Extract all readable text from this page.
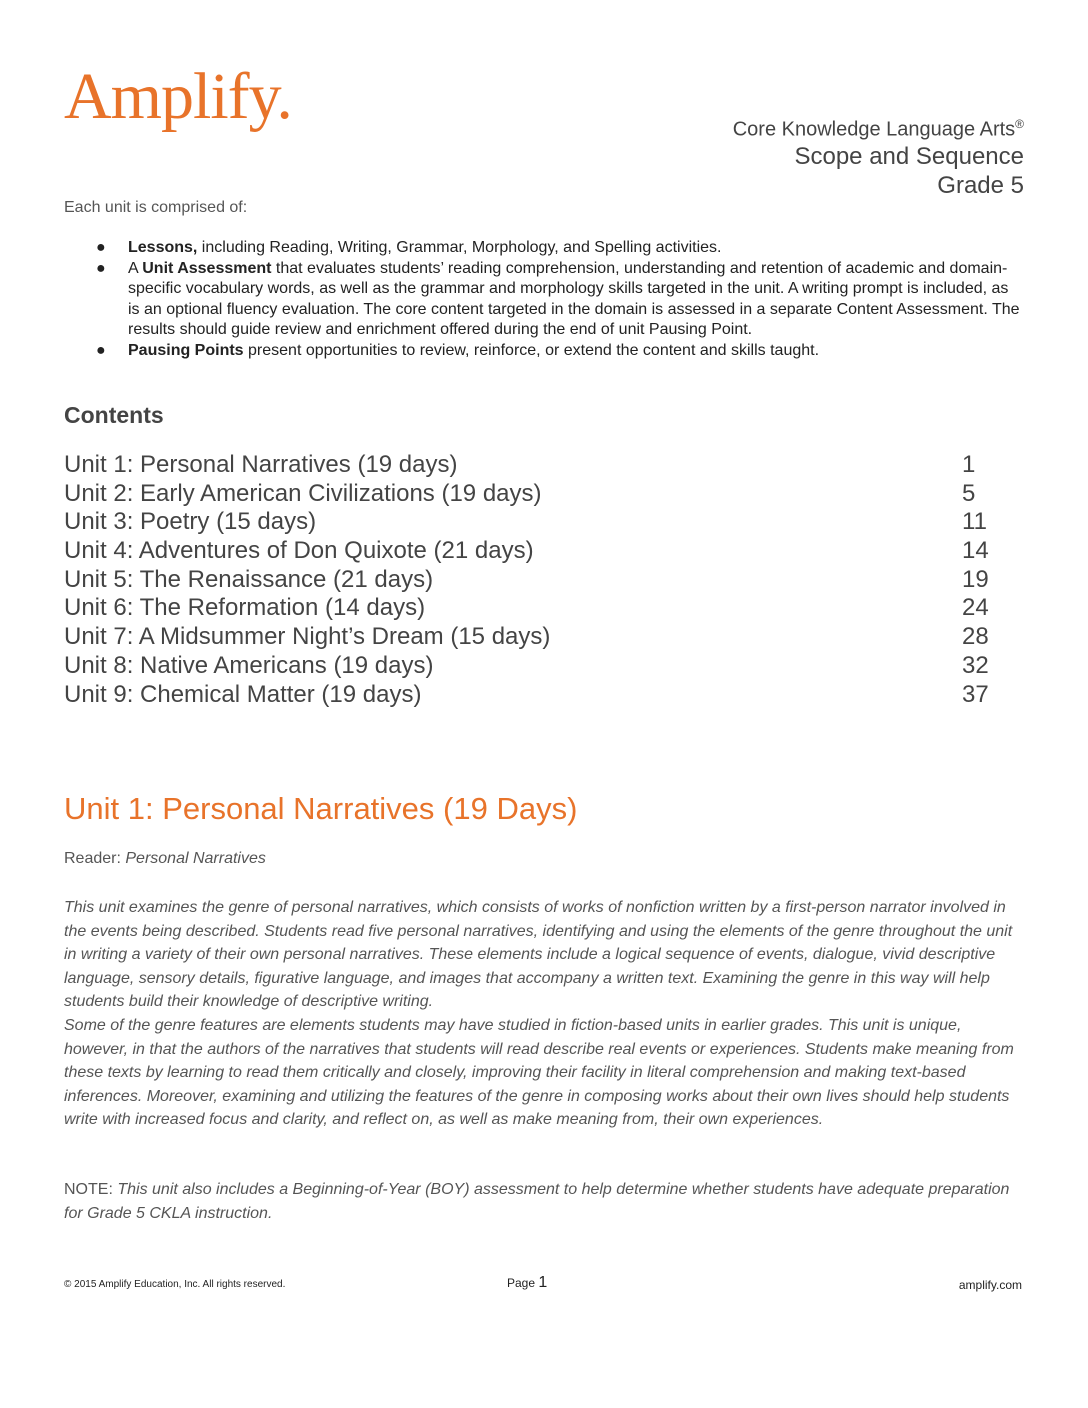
Amplify.	Core Knowledge Language Arts®
Scope and Sequence
Grade 5
Each unit is comprised of:
● Lessons, including Reading, Writing, Grammar, Morphology, and Spelling activities.
● A Unit Assessment that evaluates students’ reading comprehension, understanding and retention of academic and domain-specific vocabulary words, as well as the grammar and morphology skills targeted in the unit. A writing prompt is included, as is an optional fluency evaluation. The core content targeted in the domain is assessed in a separate Content Assessment. The results should guide review and enrichment offered during the end of unit Pausing Point.
● Pausing Points present opportunities to review, reinforce, or extend the content and skills taught.
Contents
Unit 1: Personal Narratives (19 days)	1
Unit 2: Early American Civilizations (19 days)	5
Unit 3: Poetry (15 days)	11
Unit 4: Adventures of Don Quixote (21 days)	14
Unit 5: The Renaissance (21 days)	19
Unit 6: The Reformation (14 days)	24
Unit 7: A Midsummer Night’s Dream (15 days)	28
Unit 8: Native Americans (19 days)	32
Unit 9: Chemical Matter (19 days)	37
Unit 1: Personal Narratives (19 Days)
Reader: Personal Narratives

This unit examines the genre of personal narratives, which consists of works of nonfiction written by a first-person narrator involved in the events being described. Students read five personal narratives, identifying and using the elements of the genre throughout the unit in writing a variety of their own personal narratives. These elements include a logical sequence of events, dialogue, vivid descriptive language, sensory details, figurative language, and images that accompany a written text. Examining the genre in this way will help students build their knowledge of descriptive writing.

Some of the genre features are elements students may have studied in fiction-based units in earlier grades. This unit is unique, however, in that the authors of the narratives that students will read describe real events or experiences. Students make meaning from these texts by learning to read them critically and closely, improving their facility in literal comprehension and making text-based inferences. Moreover, examining and utilizing the features of the genre in composing works about their own lives should help students write with increased focus and clarity, and reflect on, as well as make meaning from, their own experiences.

NOTE: This unit also includes a Beginning-of-Year (BOY) assessment to help determine whether students have adequate preparation for Grade 5 CKLA instruction.
© 2015 Amplify Education, Inc. All rights reserved.	Page 1	amplify.com
